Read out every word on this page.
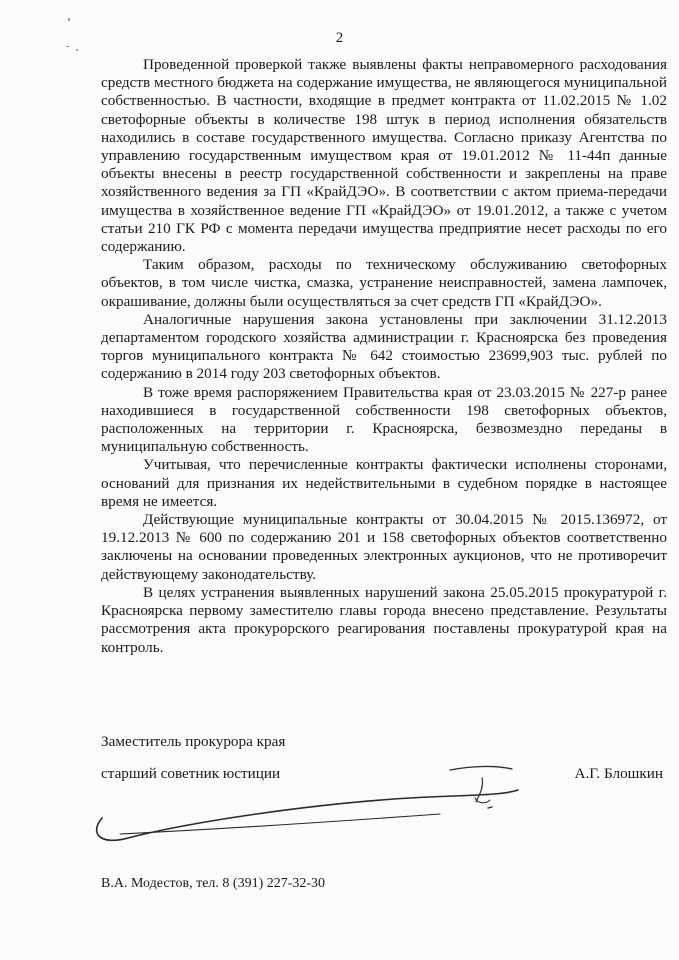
2

Проведенной проверкой также выявлены факты неправомерного расходования средств местного бюджета на содержание имущества, не являющегося муниципальной собственностью. В частности, входящие в предмет контракта от 11.02.2015 № 1.02 светофорные объекты в количестве 198 штук в период исполнения обязательств находились в составе государственного имущества. Согласно приказу Агентства по управлению государственным имуществом края от 19.01.2012 № 11-44п данные объекты внесены в реестр государственной собственности и закреплены на праве хозяйственного ведения за ГП «КрайДЭО». В соответствии с актом приема-передачи имущества в хозяйственное ведение ГП «КрайДЭО» от 19.01.2012, а также с учетом статьи 210 ГК РФ с момента передачи имущества предприятие несет расходы по его содержанию.

Таким образом, расходы по техническому обслуживанию светофорных объектов, в том числе чистка, смазка, устранение неисправностей, замена лампочек, окрашивание, должны были осуществляться за счет средств ГП «КрайДЭО».

Аналогичные нарушения закона установлены при заключении 31.12.2013 департаментом городского хозяйства администрации г. Красноярска без проведения торгов муниципального контракта № 642 стоимостью 23699,903 тыс. рублей по содержанию в 2014 году 203 светофорных объектов.

В тоже время распоряжением Правительства края от 23.03.2015 № 227-р ранее находившиеся в государственной собственности 198 светофорных объектов, расположенных на территории г. Красноярска, безвозмездно переданы в муниципальную собственность.

Учитывая, что перечисленные контракты фактически исполнены сторонами, оснований для признания их недействительными в судебном порядке в настоящее время не имеется.

Действующие муниципальные контракты от 30.04.2015 № 2015.136972, от 19.12.2013 № 600 по содержанию 201 и 158 светофорных объектов соответственно заключены на основании проведенных электронных аукционов, что не противоречит действующему законодательству.

В целях устранения выявленных нарушений закона 25.05.2015 прокуратурой г. Красноярска первому заместителю главы города внесено представление. Результаты рассмотрения акта прокурорского реагирования поставлены прокуратурой края на контроль.

Заместитель прокурора края
старший советник юстиции	А.Г. Блошкин
В.А. Модестов, тел. 8 (391) 227-32-30
